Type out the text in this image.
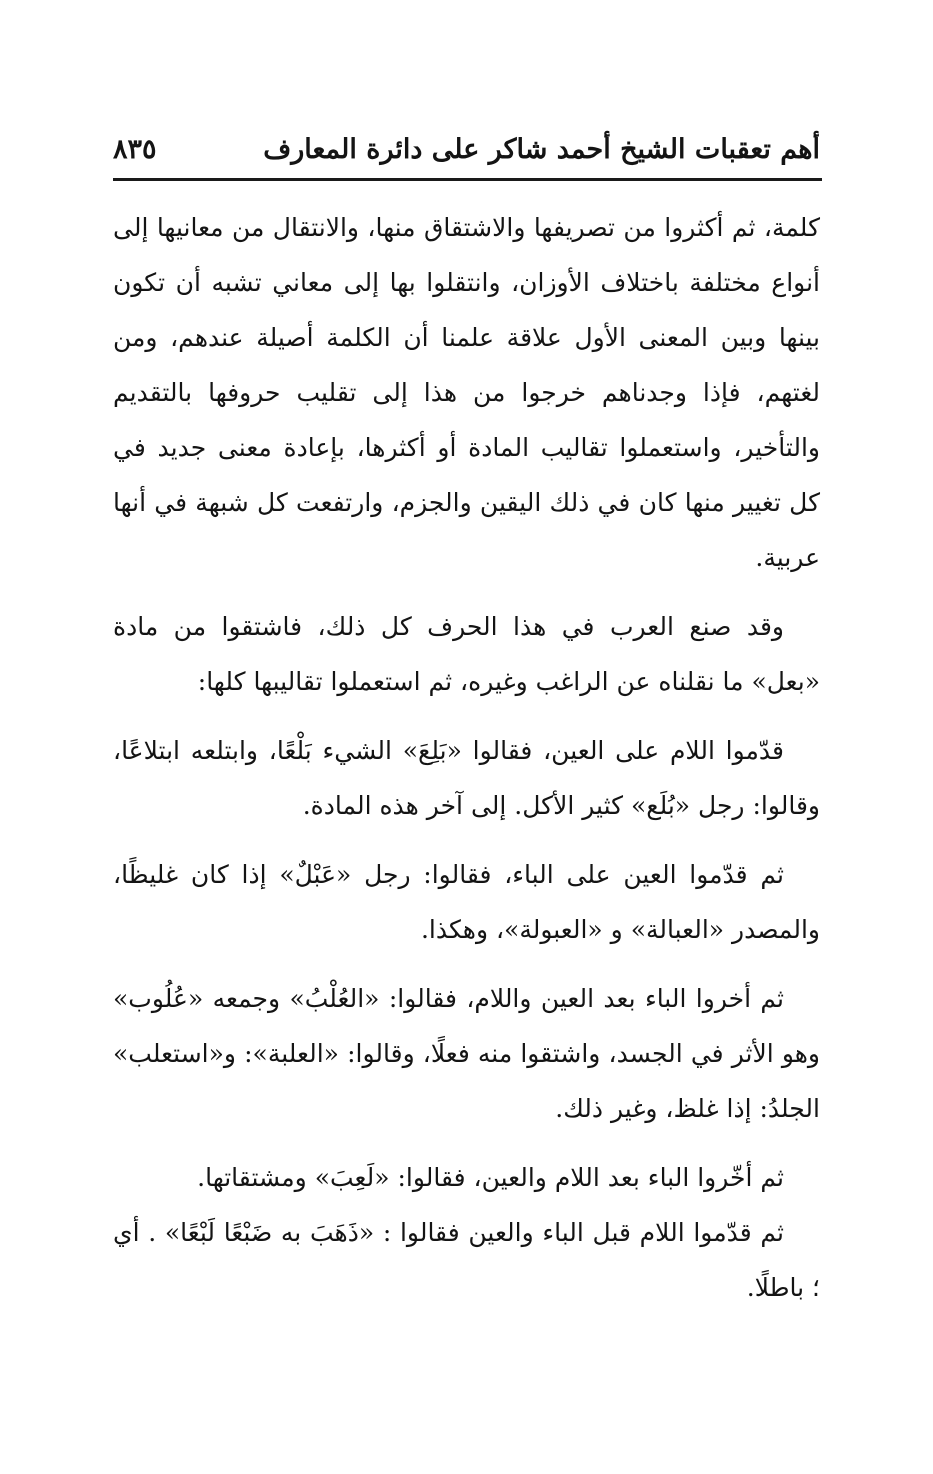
أهم تعقبات الشيخ أحمد شاكر على دائرة المعارف
٨٣٥

كلمة، ثم أكثروا من تصريفها والاشتقاق منها، والانتقال من معانيها إلى أنواع مختلفة باختلاف الأوزان، وانتقلوا بها إلى معاني تشبه أن تكون بينها وبين المعنى الأول علاقة علمنا أن الكلمة أصيلة عندهم، ومن لغتهم، فإذا وجدناهم خرجوا من هذا إلى تقليب حروفها بالتقديم والتأخير، واستعملوا تقاليب المادة أو أكثرها، بإعادة معنى جديد في كل تغيير منها كان في ذلك اليقين والجزم، وارتفعت كل شبهة في أنها عربية.

وقد صنع العرب في هذا الحرف كل ذلك، فاشتقوا من مادة «بعل» ما نقلناه عن الراغب وغيره، ثم استعملوا تقاليبها كلها:

قدّموا اللام على العين، فقالوا «بَلِعَ» الشيء بَلْعًا، وابتلعه ابتلاعًا، وقالوا: رجل «بُلَع» كثير الأكل. إلى آخر هذه المادة.

ثم قدّموا العين على الباء، فقالوا: رجل «عَبْلٌ» إذا كان غليظًا، والمصدر «العبالة» و «العبولة»، وهكذا.

ثم أخروا الباء بعد العين واللام، فقالوا: «العُلْبُ» وجمعه «عُلُوب» وهو الأثر في الجسد، واشتقوا منه فعلًا، وقالوا: «العلبة»: و«استعلب» الجلدُ: إذا غلظ، وغير ذلك.

ثم أخّروا الباء بعد اللام والعين، فقالوا: «لَعِبَ» ومشتقاتها.

ثم قدّموا اللام قبل الباء والعين فقالوا : «ذَهَبَ به ضَبْعًا لَبْعًا» . أي ؛ باطلًا.
